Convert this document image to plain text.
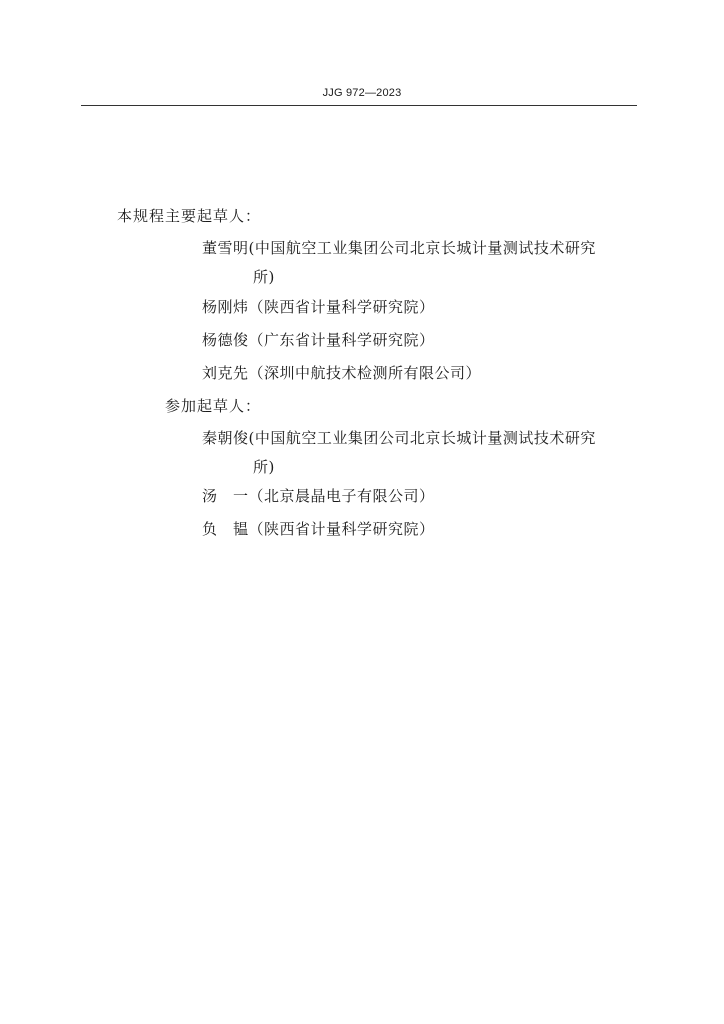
JJG 972—2023
本规程主要起草人：
董雪明(中国航空工业集团公司北京长城计量测试技术研究
所)
杨刚炜（陕西省计量科学研究院）
杨德俊（广东省计量科学研究院）
刘克先（深圳中航技术检测所有限公司）
参加起草人：
秦朝俊(中国航空工业集团公司北京长城计量测试技术研究
所)
汤　一（北京晨晶电子有限公司）
负　韫（陕西省计量科学研究院）
